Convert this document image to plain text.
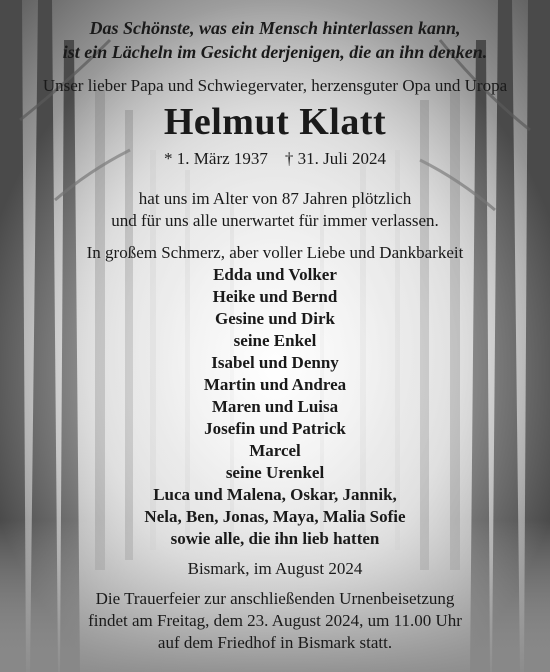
Das Schönste, was ein Mensch hinterlassen kann,
ist ein Lächeln im Gesicht derjenigen, die an ihn denken.
Unser lieber Papa und Schwiegervater, herzensguter Opa und Uropa
Helmut Klatt
* 1. März 1937    † 31. Juli 2024
hat uns im Alter von 87 Jahren plötzlich
und für uns alle unerwartet für immer verlassen.
In großem Schmerz, aber voller Liebe und Dankbarkeit
Edda und Volker
Heike und Bernd
Gesine und Dirk
seine Enkel
Isabel und Denny
Martin und Andrea
Maren und Luisa
Josefin und Patrick
Marcel
seine Urenkel
Luca und Malena, Oskar, Jannik,
Nela, Ben, Jonas, Maya, Malia Sofie
sowie alle, die ihn lieb hatten
Bismark, im August 2024
Die Trauerfeier zur anschließenden Urnenbeisetzung
findet am Freitag, dem 23. August 2024, um 11.00 Uhr
auf dem Friedhof in Bismark statt.
